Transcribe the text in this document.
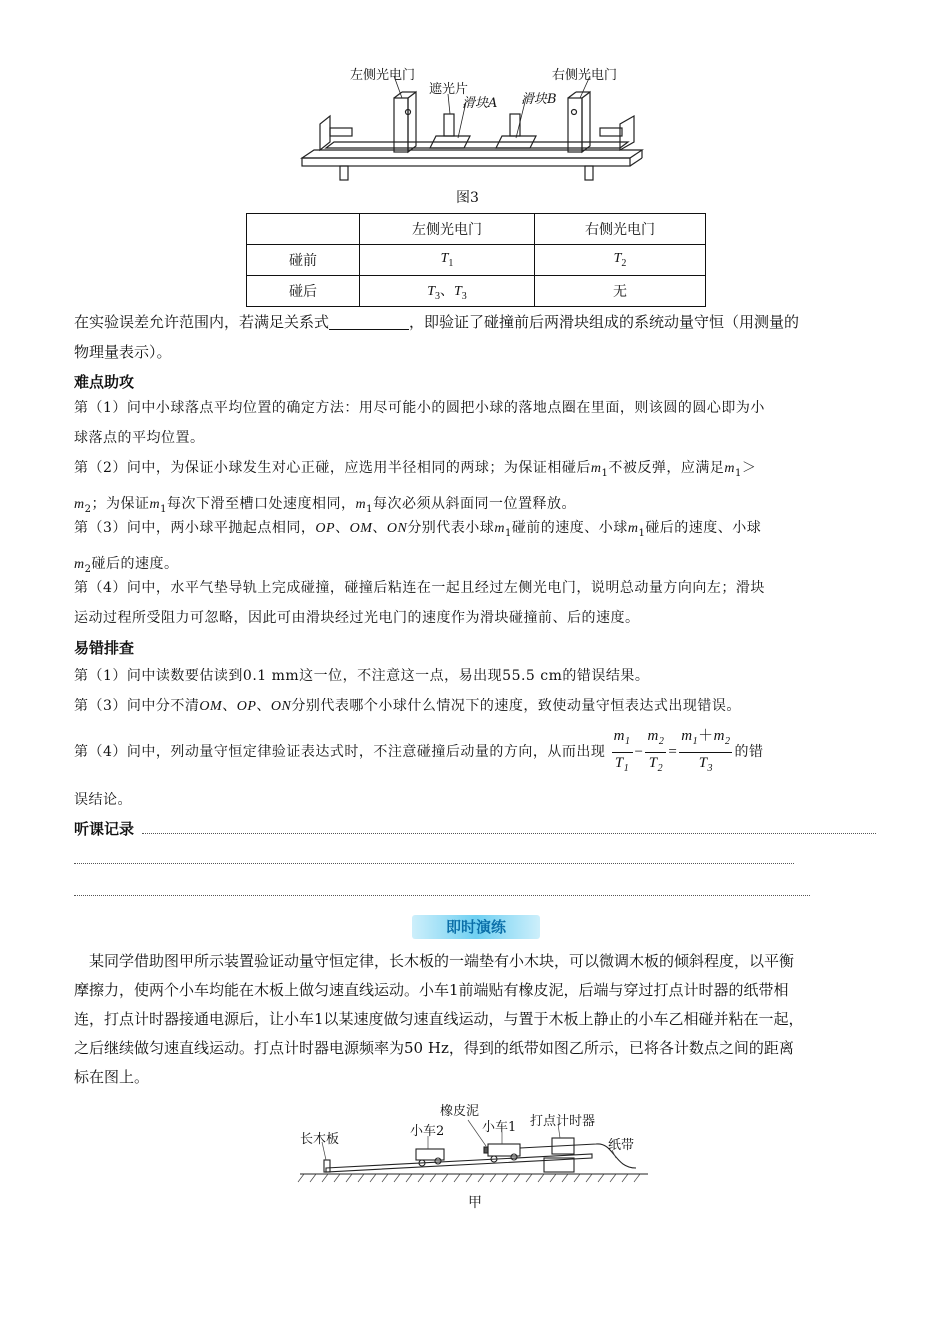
左侧光电门
遮光片
滑块A 滑块B
右侧光电门
图3
	左侧光电门	右侧光电门
碰前	$T_1$	$T_2$
碰后	$T_3$、$T_3$	无
在实验误差允许范围内，若满足关系式	，即验证了碰撞前后两滑块组成的系统动量守恒（用测量的
物理量表示）。
难点助攻
第（1）问中小球落点平均位置的确定方法：用尽可能小的圆把小球的落地点圈在里面，则该圆的圆心即为小
球落点的平均位置。
第（2）问中，为保证小球发生对心正碰，应选用半径相同的两球；为保证相碰后$m_1$不被反弹，应满足$m_1>$
$m_2$；为保证$m_1$每次下滑至槽口处速度相同，$m_1$每次必须从斜面同一位置释放。
第（3）问中，两小球平抛起点相同，OP、OM、ON分别代表小球$m_1$碰前的速度、小球$m_1$碰后的速度、小球
$m_2$碰后的速度。
第（4）问中，水平气垫导轨上完成碰撞，碰撞后粘连在一起且经过左侧光电门，说明总动量方向向左；滑块
运动过程所受阻力可忽略，因此可由滑块经过光电门的速度作为滑块碰撞前、后的速度。
易错排查
第（1）问中读数要估读到0.1 mm这一位，不注意这一点，易出现55.5 cm的错误结果。
第（3）问中分不清OM、OP、ON分别代表哪个小球什么情况下的速度，致使动量守恒表达式出现错误。
第（4）问中，列动量守恒定律验证表达式时，不注意碰撞后动量的方向，从而出现 $\frac{m_1}{T_1} - \frac{m_2}{T_2} = \frac{m_1+m_2}{T_3}$ 的错
误结论。
听课记录
即时演练
某同学借助图甲所示装置验证动量守恒定律，长木板的一端垫有小木块，可以微调木板的倾斜程度，以平衡
摩擦力，使两个小车均能在木板上做匀速直线运动。小车1前端贴有橡皮泥，后端与穿过打点计时器的纸带相
连，打点计时器接通电源后，让小车1以某速度做匀速直线运动，与置于木板上静止的小车乙相碰并粘在一起，
之后继续做匀速直线运动。打点计时器电源频率为50 Hz，得到的纸带如图乙所示，已将各计数点之间的距离
标在图上。
长木板
橡皮泥
小车2	小车1 打点计时器
纸带
甲
